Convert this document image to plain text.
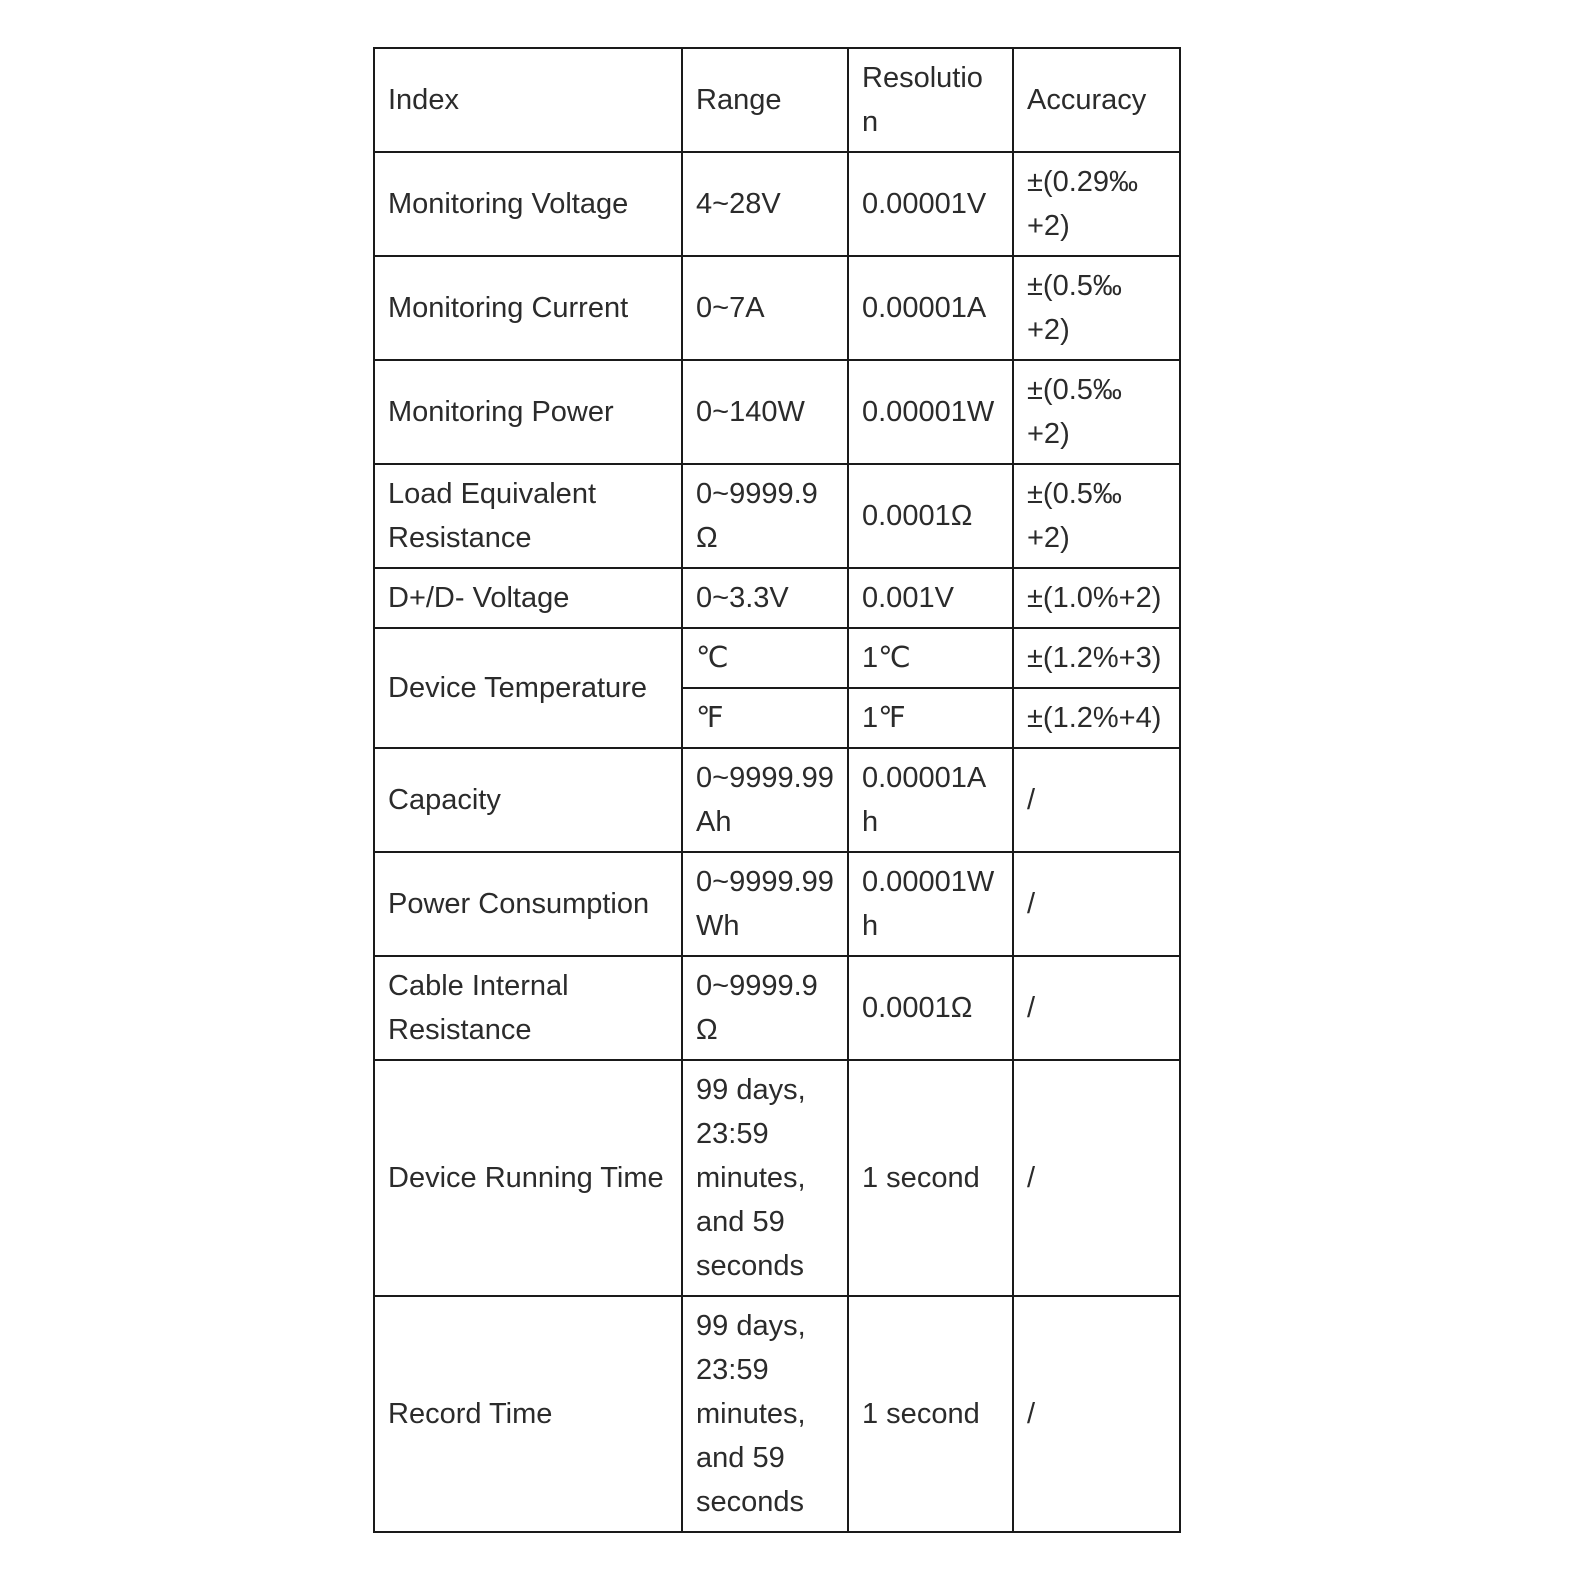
Index	Range	Resolution	Accuracy
Monitoring Voltage	4~28V	0.00001V	±(0.29‰ +2)
Monitoring Current	0~7A	0.00001A	±(0.5‰ +2)
Monitoring Power	0~140W	0.00001W	±(0.5‰ +2)
Load Equivalent Resistance	0~9999.9Ω	0.0001Ω	±(0.5‰ +2)
D+/D- Voltage	0~3.3V	0.001V	±(1.0%+2)
Device Temperature	℃	1℃	±(1.2%+3)
	℉	1℉	±(1.2%+4)
Capacity	0~9999.99Ah	0.00001Ah	/
Power Consumption	0~9999.99Wh	0.00001Wh	/
Cable Internal Resistance	0~9999.9Ω	0.0001Ω	/
Device Running Time	99 days, 23:59 minutes, and 59 seconds	1 second	/
Record Time	99 days, 23:59 minutes, and 59 seconds	1 second	/
